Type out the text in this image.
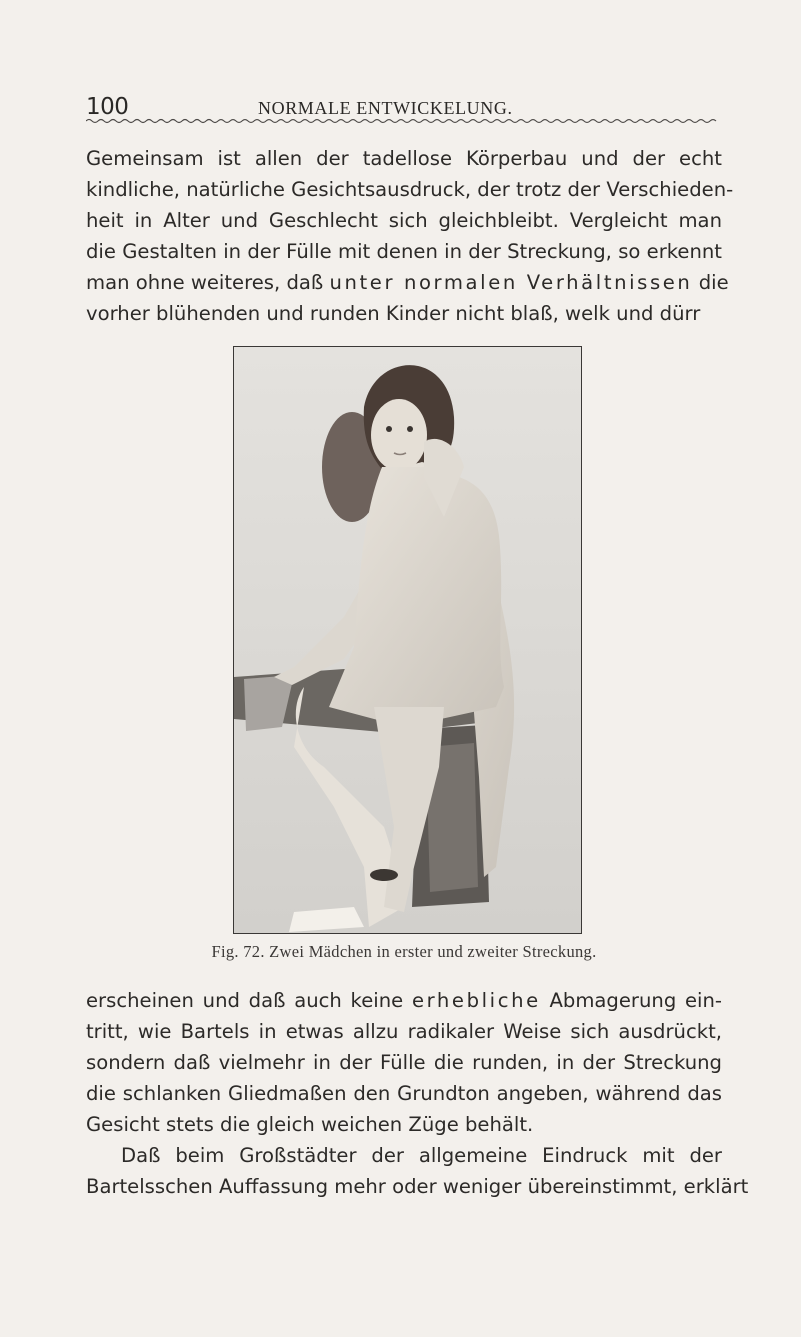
100	NORMALE ENTWICKELUNG.
Gemeinsam ist allen der tadellose Körperbau und der echt
kindliche, natürliche Gesichtsausdruck, der trotz der Verschieden-
heit in Alter und Geschlecht sich gleichbleibt. Vergleicht man
die Gestalten in der Fülle mit denen in der Streckung, so erkennt
man ohne weiteres, daß unter normalen Verhältnissen die
vorher blühenden und runden Kinder nicht blaß, welk und dürr
Fig. 72. Zwei Mädchen in erster und zweiter Streckung.
erscheinen und daß auch keine erhebliche Abmagerung ein-
tritt, wie Bartels in etwas allzu radikaler Weise sich ausdrückt,
sondern daß vielmehr in der Fülle die runden, in der Streckung
die schlanken Gliedmaßen den Grundton angeben, während das
Gesicht stets die gleich weichen Züge behält.
Daß beim Großstädter der allgemeine Eindruck mit der
Bartelsschen Auffassung mehr oder weniger übereinstimmt, erklärt
